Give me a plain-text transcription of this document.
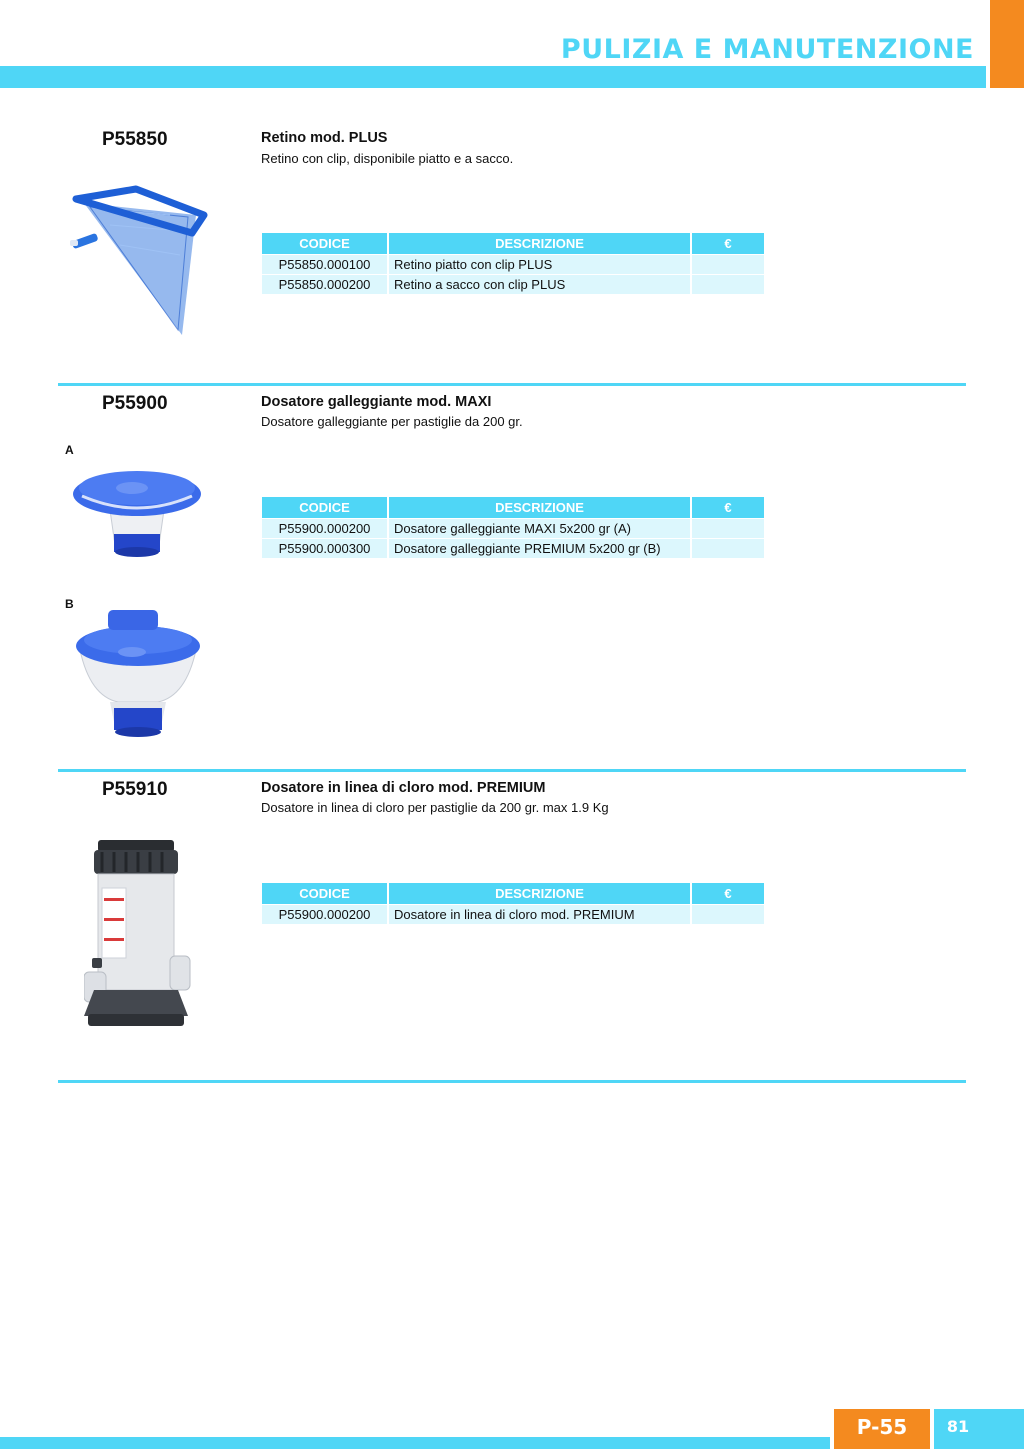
PULIZIA E MANUTENZIONE
P55850	Retino mod. PLUS
Retino con clip, disponibile piatto e a sacco.
CODICE	DESCRIZIONE	€
P55850.000100	Retino piatto con clip PLUS
P55850.000200	Retino a sacco con clip PLUS
P55900	Dosatore galleggiante mod. MAXI
Dosatore galleggiante per pastiglie da 200 gr.
A
CODICE	DESCRIZIONE	€
P55900.000200	Dosatore galleggiante MAXI 5x200 gr (A)
P55900.000300	Dosatore galleggiante PREMIUM 5x200 gr (B)
B
P55910	Dosatore in linea di cloro mod. PREMIUM
Dosatore in linea di cloro per pastiglie da 200 gr. max 1.9 Kg
CODICE	DESCRIZIONE	€
P55900.000200	Dosatore in linea di cloro mod. PREMIUM
P-55	81
